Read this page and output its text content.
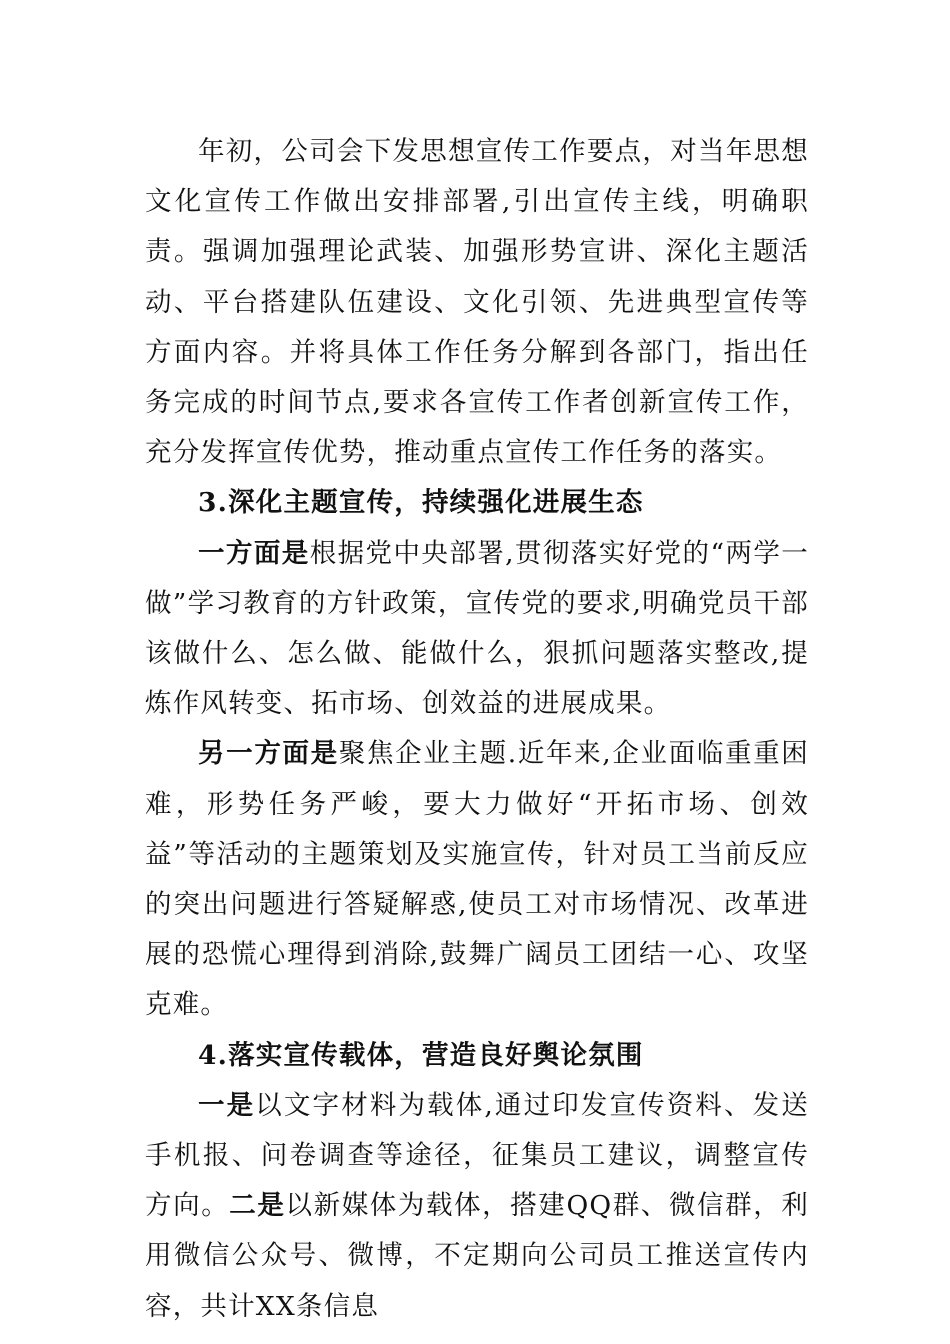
年初，公司会下发思想宣传工作要点，对当年思想文化宣传工作做出安排部署,引出宣传主线，明确职责。强调加强理论武装、加强形势宣讲、深化主题活动、平台搭建队伍建设、文化引领、先进典型宣传等方面内容。并将具体工作任务分解到各部门，指出任务完成的时间节点,要求各宣传工作者创新宣传工作，充分发挥宣传优势，推动重点宣传工作任务的落实。

3.深化主题宣传，持续强化进展生态

一方面是根据党中央部署,贯彻落实好党的“两学一做”学习教育的方针政策，宣传党的要求,明确党员干部该做什么、怎么做、能做什么，狠抓问题落实整改,提炼作风转变、拓市场、创效益的进展成果。

另一方面是聚焦企业主题.近年来,企业面临重重困难，形势任务严峻，要大力做好“开拓市场、创效益”等活动的主题策划及实施宣传，针对员工当前反应的突出问题进行答疑解惑,使员工对市场情况、改革进展的恐慌心理得到消除,鼓舞广阔员工团结一心、攻坚克难。

4.落实宣传载体，营造良好舆论氛围

一是以文字材料为载体,通过印发宣传资料、发送手机报、问卷调查等途径，征集员工建议，调整宣传方向。二是以新媒体为载体，搭建QQ群、微信群，利用微信公众号、微博，不定期向公司员工推送宣传内容，共计XX条信息
